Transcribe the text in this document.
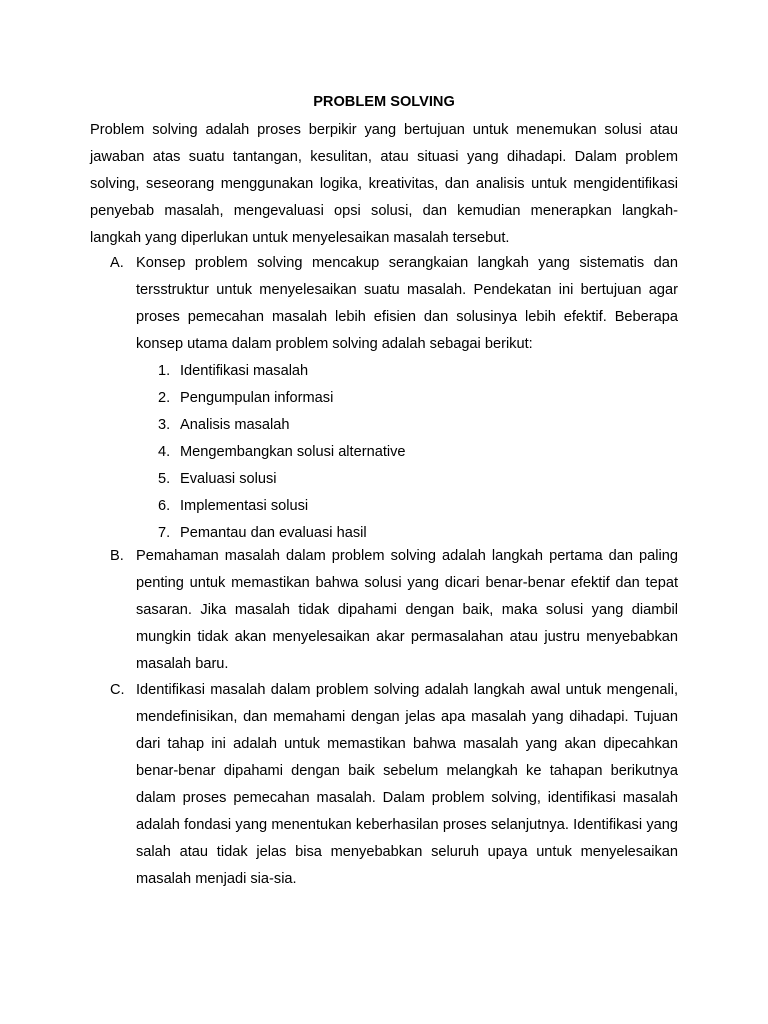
PROBLEM SOLVING

Problem solving adalah proses berpikir yang bertujuan untuk menemukan solusi atau jawaban atas suatu tantangan, kesulitan, atau situasi yang dihadapi. Dalam problem solving, seseorang menggunakan logika, kreativitas, dan analisis untuk mengidentifikasi penyebab masalah, mengevaluasi opsi solusi, dan kemudian menerapkan langkah-langkah yang diperlukan untuk menyelesaikan masalah tersebut.

A. Konsep problem solving mencakup serangkaian langkah yang sistematis dan tersstruktur untuk menyelesaikan suatu masalah. Pendekatan ini bertujuan agar proses pemecahan masalah lebih efisien dan solusinya lebih efektif. Beberapa konsep utama dalam problem solving adalah sebagai berikut:

1. Identifikasi masalah
2. Pengumpulan informasi
3. Analisis masalah
4. Mengembangkan solusi alternative
5. Evaluasi solusi
6. Implementasi solusi
7. Pemantau dan evaluasi hasil
B. Pemahaman masalah dalam problem solving adalah langkah pertama dan paling penting untuk memastikan bahwa solusi yang dicari benar-benar efektif dan tepat sasaran. Jika masalah tidak dipahami dengan baik, maka solusi yang diambil mungkin tidak akan menyelesaikan akar permasalahan atau justru menyebabkan masalah baru.

C. Identifikasi masalah dalam problem solving adalah langkah awal untuk mengenali, mendefinisikan, dan memahami dengan jelas apa masalah yang dihadapi. Tujuan dari tahap ini adalah untuk memastikan bahwa masalah yang akan dipecahkan benar-benar dipahami dengan baik sebelum melangkah ke tahapan berikutnya dalam proses pemecahan masalah. Dalam problem solving, identifikasi masalah adalah fondasi yang menentukan keberhasilan proses selanjutnya. Identifikasi yang salah atau tidak jelas bisa menyebabkan seluruh upaya untuk menyelesaikan masalah menjadi sia-sia.
